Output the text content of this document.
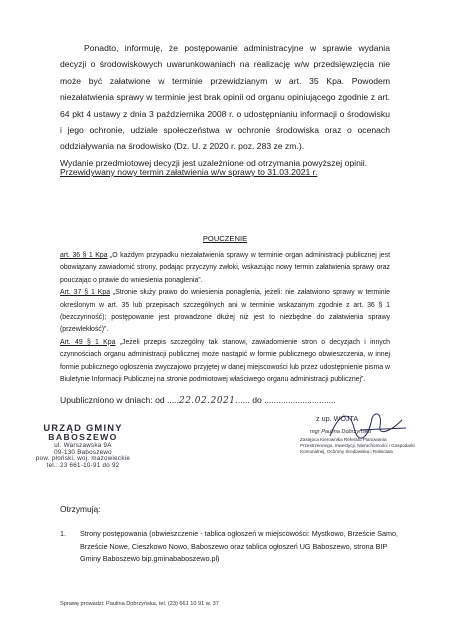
Ponadto, informuję, że postępowanie administracyjne w sprawie wydania decyzji o środowiskowych uwarunkowaniach na realizację w/w przedsięwzięcia nie może być załatwione w terminie przewidzianym w art. 35 Kpa. Powodem niezałatwienia sprawy w terminie jest brak opinii od organu opiniującego zgodnie z art. 64 pkt 4 ustawy z dnia 3 października 2008 r. o udostępnianiu informacji o środowisku i jego ochronie, udziale społeczeństwa w ochronie środowiska oraz o ocenach oddziaływania na środowisko (Dz. U. z 2020 r. poz. 283 ze zm.).

Wydanie przedmiotowej decyzji jest uzależnione od otrzymania powyższej opinii.

Przewidywany nowy termin załatwienia w/w sprawy to 31.03.2021 r.
POUCZENIE

art. 36 § 1 Kpa „O każdym przypadku niezałatwienia sprawy w terminie organ administracji publicznej jest obowiązany zawiadomić strony, podając przyczyny zwłoki, wskazując nowy termin załatwienia sprawy oraz pouczając o prawie do wniesienia ponaglenia”.

Art. 37 § 1 Kpa „Stronie służy prawo do wniesienia ponaglenia, jeżeli: nie załatwiono sprawy w terminie określonym w art. 35 lub przepisach szczególnych ani w terminie wskazanym zgodnie z art. 36 § 1 (bezczynność); postępowanie jest prowadzone dłużej niż jest to niezbędne do załatwienia sprawy (przewlekłość)”.

Art. 49 § 1 Kpa „Jeżeli przepis szczególny tak stanowi, zawiadomienie stron o decyzjach i innych czynnościach organu administracji publicznej może nastąpić w formie publicznego obwieszczenia, w innej formie publicznego ogłoszenia zwyczajowo przyjętej w danej miejscowości lub przez udostępnienie pisma w Biuletynie Informacji Publicznej na stronie podmiotowej właściwego organu administracji publicznej”.

Upubliczniono w dniach: od .....22.02.2021...... do ..............................
URZĄD GMINY
BABOSZEWO
ul. Warszawska 9A
09-130 Baboszewo
pow. płoński, woj. mazowieckie
tel.: 23 661-10-91 do 92
z up. WÓJTA
mgr Paulina Dobrzyńska
Zastępca Kierownika Referatu Planowania Przestrzennego, Inwestycji, Nieruchomości i Gospodarki Komunalnej, Ochrony Środowiska i Rolnictwa
Otrzymują:
1.	Strony postępowania (obwieszczenie - tablica ogłoszeń w miejscowości: Mystkowo, Brzeście Samo, Brzeście Nowe, Cieszkowo Nowo, Baboszewo oraz tablica ogłoszeń UG Baboszewo, strona BIP Gminy Baboszewo bip.gminababoszewo.pl)
Sprawę prowadzi: Paulina Dobrzyńska, tel. (23) 661 10 91 w. 37
